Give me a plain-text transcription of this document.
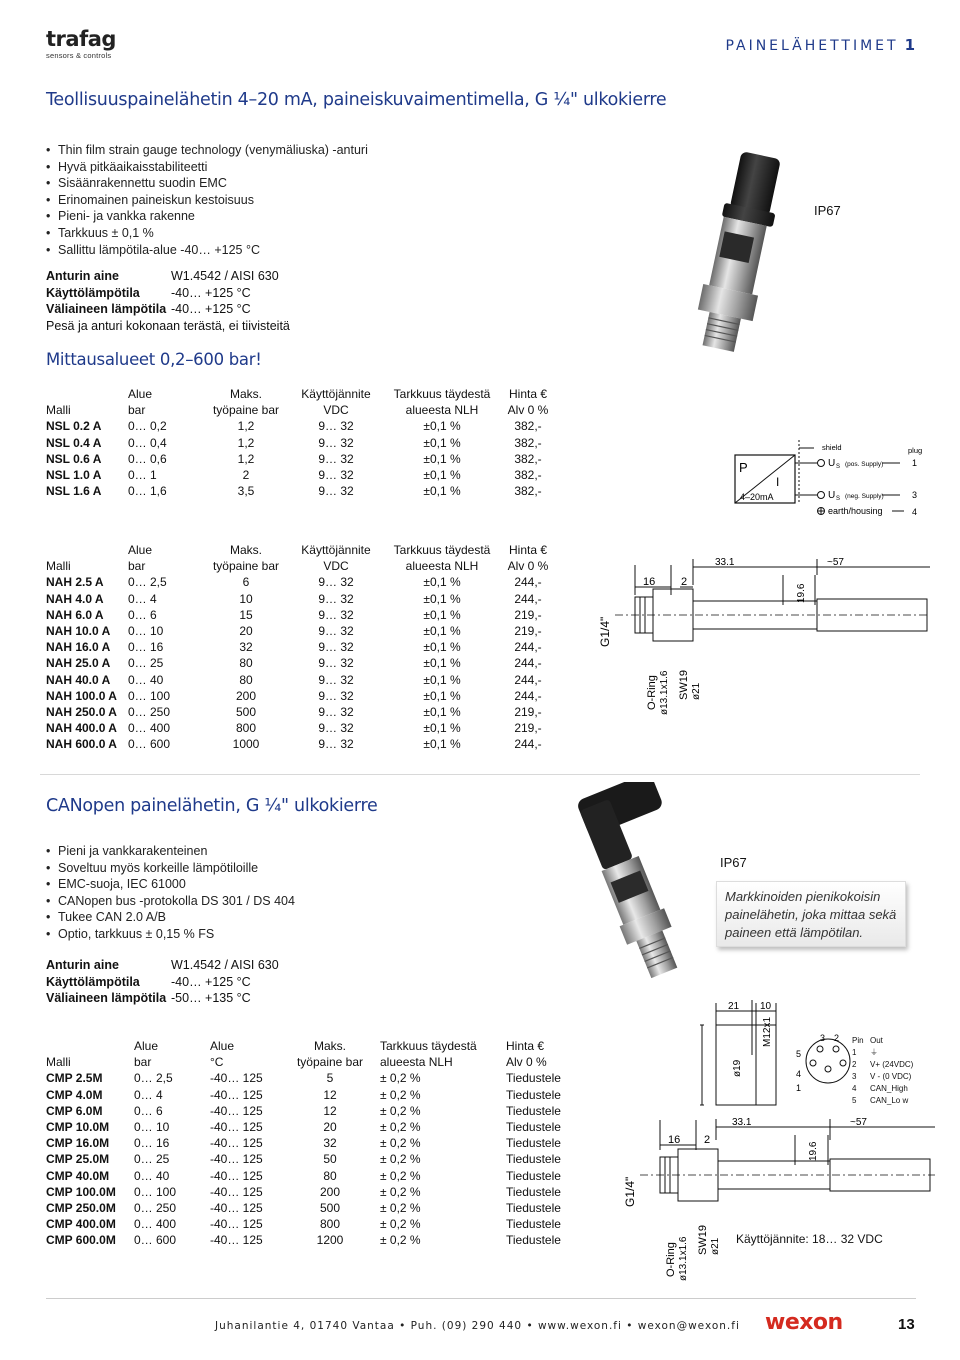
trafag
sensors & controls
PAINELÄHETTIMET 1
Teollisuuspainelähetin 4–20 mA, paineiskuvaimentimella, G ¼" ulkokierre
• Thin film strain gauge technology (venymäliuska) -anturi
• Hyvä pitkäaikaisstabiliteetti
• Sisäänrakennettu suodin EMC
• Erinomainen paineiskun kestoisuus
• Pieni- ja vankka rakenne
• Tarkkuus ± 0,1 %
• Sallittu lämpötila-alue -40… +125 °C
IP67
Anturin aine	W1.4542 / AISI 630
Käyttölämpötila	-40… +125 °C
Väliaineen lämpötila -40… +125 °C
Pesä ja anturi kokonaan terästä, ei tiivisteitä
Mittausalueet 0,2–600 bar!
	Alue	Maks.	Käyttöjännite	Tarkkuus täydestä	Hinta €
Malli	bar	työpaine bar	VDC	alueesta NLH	Alv 0 %
NSL 0.2 A	0… 0,2	1,2	9… 32	±0,1 %	382,-
NSL 0.4 A	0… 0,4	1,2	9… 32	±0,1 %	382,-
NSL 0.6 A	0… 0,6	1,2	9… 32	±0,1 %	382,-
NSL 1.0 A	0… 1	2	9… 32	±0,1 %	382,-
NSL 1.6 A	0… 1,6	3,5	9… 32	±0,1 %	382,-
P
I
4–20mA
shield	plug
U S (pos. Supply)	1
U S (neg. Supply)	3
earth/housing	4
	Alue	Maks.	Käyttöjännite	Tarkkuus täydestä	Hinta €
Malli	bar	työpaine bar	VDC	alueesta NLH	Alv 0 %
NAH 2.5 A	0… 2,5	6	9… 32	±0,1 %	244,-
NAH 4.0 A	0… 4	10	9… 32	±0,1 %	244,-
NAH 6.0 A	0… 6	15	9… 32	±0,1 %	219,-
NAH 10.0 A	0… 10	20	9… 32	±0,1 %	219,-
NAH 16.0 A	0… 16	32	9… 32	±0,1 %	244,-
NAH 25.0 A	0… 25	80	9… 32	±0,1 %	244,-
NAH 40.0 A	0… 40	80	9… 32	±0,1 %	244,-
NAH 100.0 A	0… 100	200	9… 32	±0,1 %	244,-
NAH 250.0 A	0… 250	500	9… 32	±0,1 %	219,-
NAH 400.0 A	0… 400	800	9… 32	±0,1 %	219,-
NAH 600.0 A	0… 600	1000	9… 32	±0,1 %	244,-
16 2
33.1	~57
19.6
G1/4"
O-Ring ø13.1x1.6 SW19 ø21
CANopen painelähetin, G ¼" ulkokierre
• Pieni ja vankkarakenteinen
• Soveltuu myös korkeille lämpötiloille
• EMC-suoja, IEC 61000
• CANopen bus -protokolla DS 301 / DS 404
• Tukee CAN 2.0 A/B
• Optio, tarkkuus ± 0,15 % FS
IP67
Markkinoiden pienikokoisin painelähetin, joka mittaa sekä paineen että lämpötilan.
Anturin aine	W1.4542 / AISI 630
Käyttölämpötila	-40… +125 °C
Väliaineen lämpötila -50… +135 °C
	Alue	Alue	Maks.	Tarkkuus täydestä	Hinta €
Malli	bar	°C	työpaine bar	alueesta NLH	Alv 0 %
CMP 2.5M	0… 2,5	-40… 125	5	± 0,2 %	Tiedustele
CMP 4.0M	0… 4	-40… 125	12	± 0,2 %	Tiedustele
CMP 6.0M	0… 6	-40… 125	12	± 0,2 %	Tiedustele
CMP 10.0M	0… 10	-40… 125	20	± 0,2 %	Tiedustele
CMP 16.0M	0… 16	-40… 125	32	± 0,2 %	Tiedustele
CMP 25.0M	0… 25	-40… 125	50	± 0,2 %	Tiedustele
CMP 40.0M	0… 40	-40… 125	80	± 0,2 %	Tiedustele
CMP 100.0M	0… 100	-40… 125	200	± 0,2 %	Tiedustele
CMP 250.0M	0… 250	-40… 125	500	± 0,2 %	Tiedustele
CMP 400.0M	0… 400	-40… 125	800	± 0,2 %	Tiedustele
CMP 600.0M	0… 600	-40… 125	1200	± 0,2 %	Tiedustele
21 10
M12x1
ø19
3 2
5
1
4
33.1	~57
16 2
19.6
G1/4"
O-Ring ø13.1x1.6 SW19 ø21
Pin	Out
1	⏚
2	V+ (24VDC)
3	V - (0 VDC)
4	CAN_High
5	CAN_Lo w
Käyttöjännite: 18… 32 VDC
Juhanilantie 4, 01740 Vantaa • Puh. (09) 290 440 • www.wexon.fi • wexon@wexon.fi wexon	13
